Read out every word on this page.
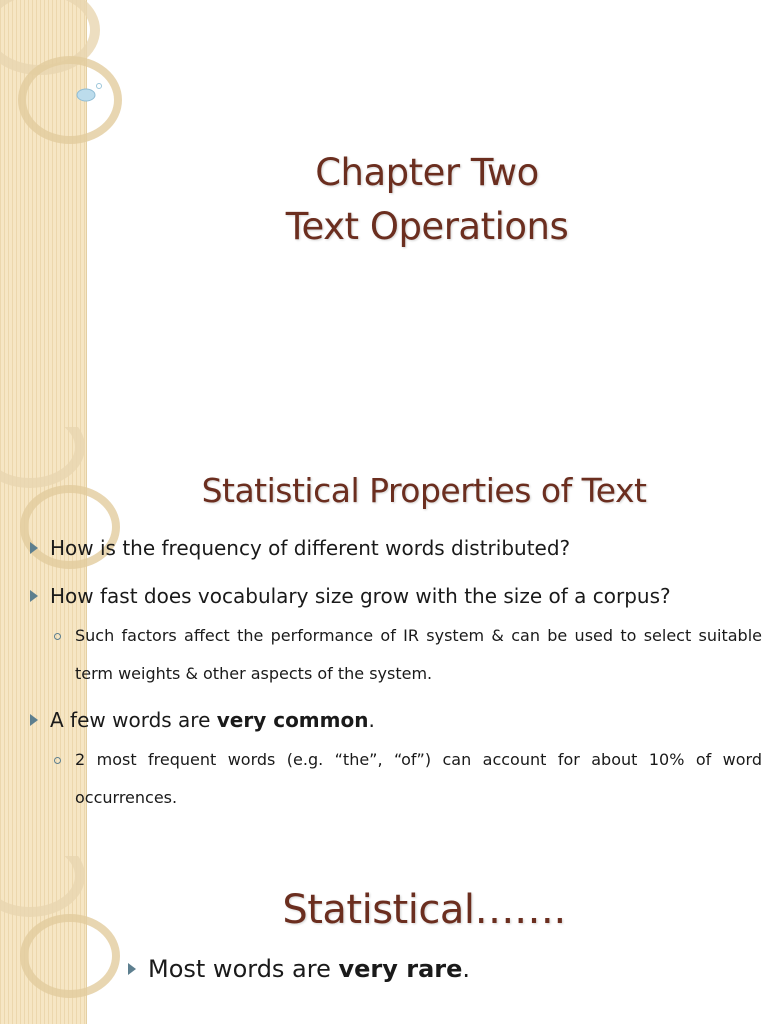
Chapter Two
Text Operations
Statistical Properties of Text
How is the frequency of different words distributed?
How fast does vocabulary size grow with the size of a corpus?
Such factors affect the performance of IR system & can be used to select suitable term weights & other aspects of the system.
A few words are very common.
2 most frequent words (e.g. “the”, “of”) can account for about 10% of word occurrences.
Statistical…….
Most words are very rare.
